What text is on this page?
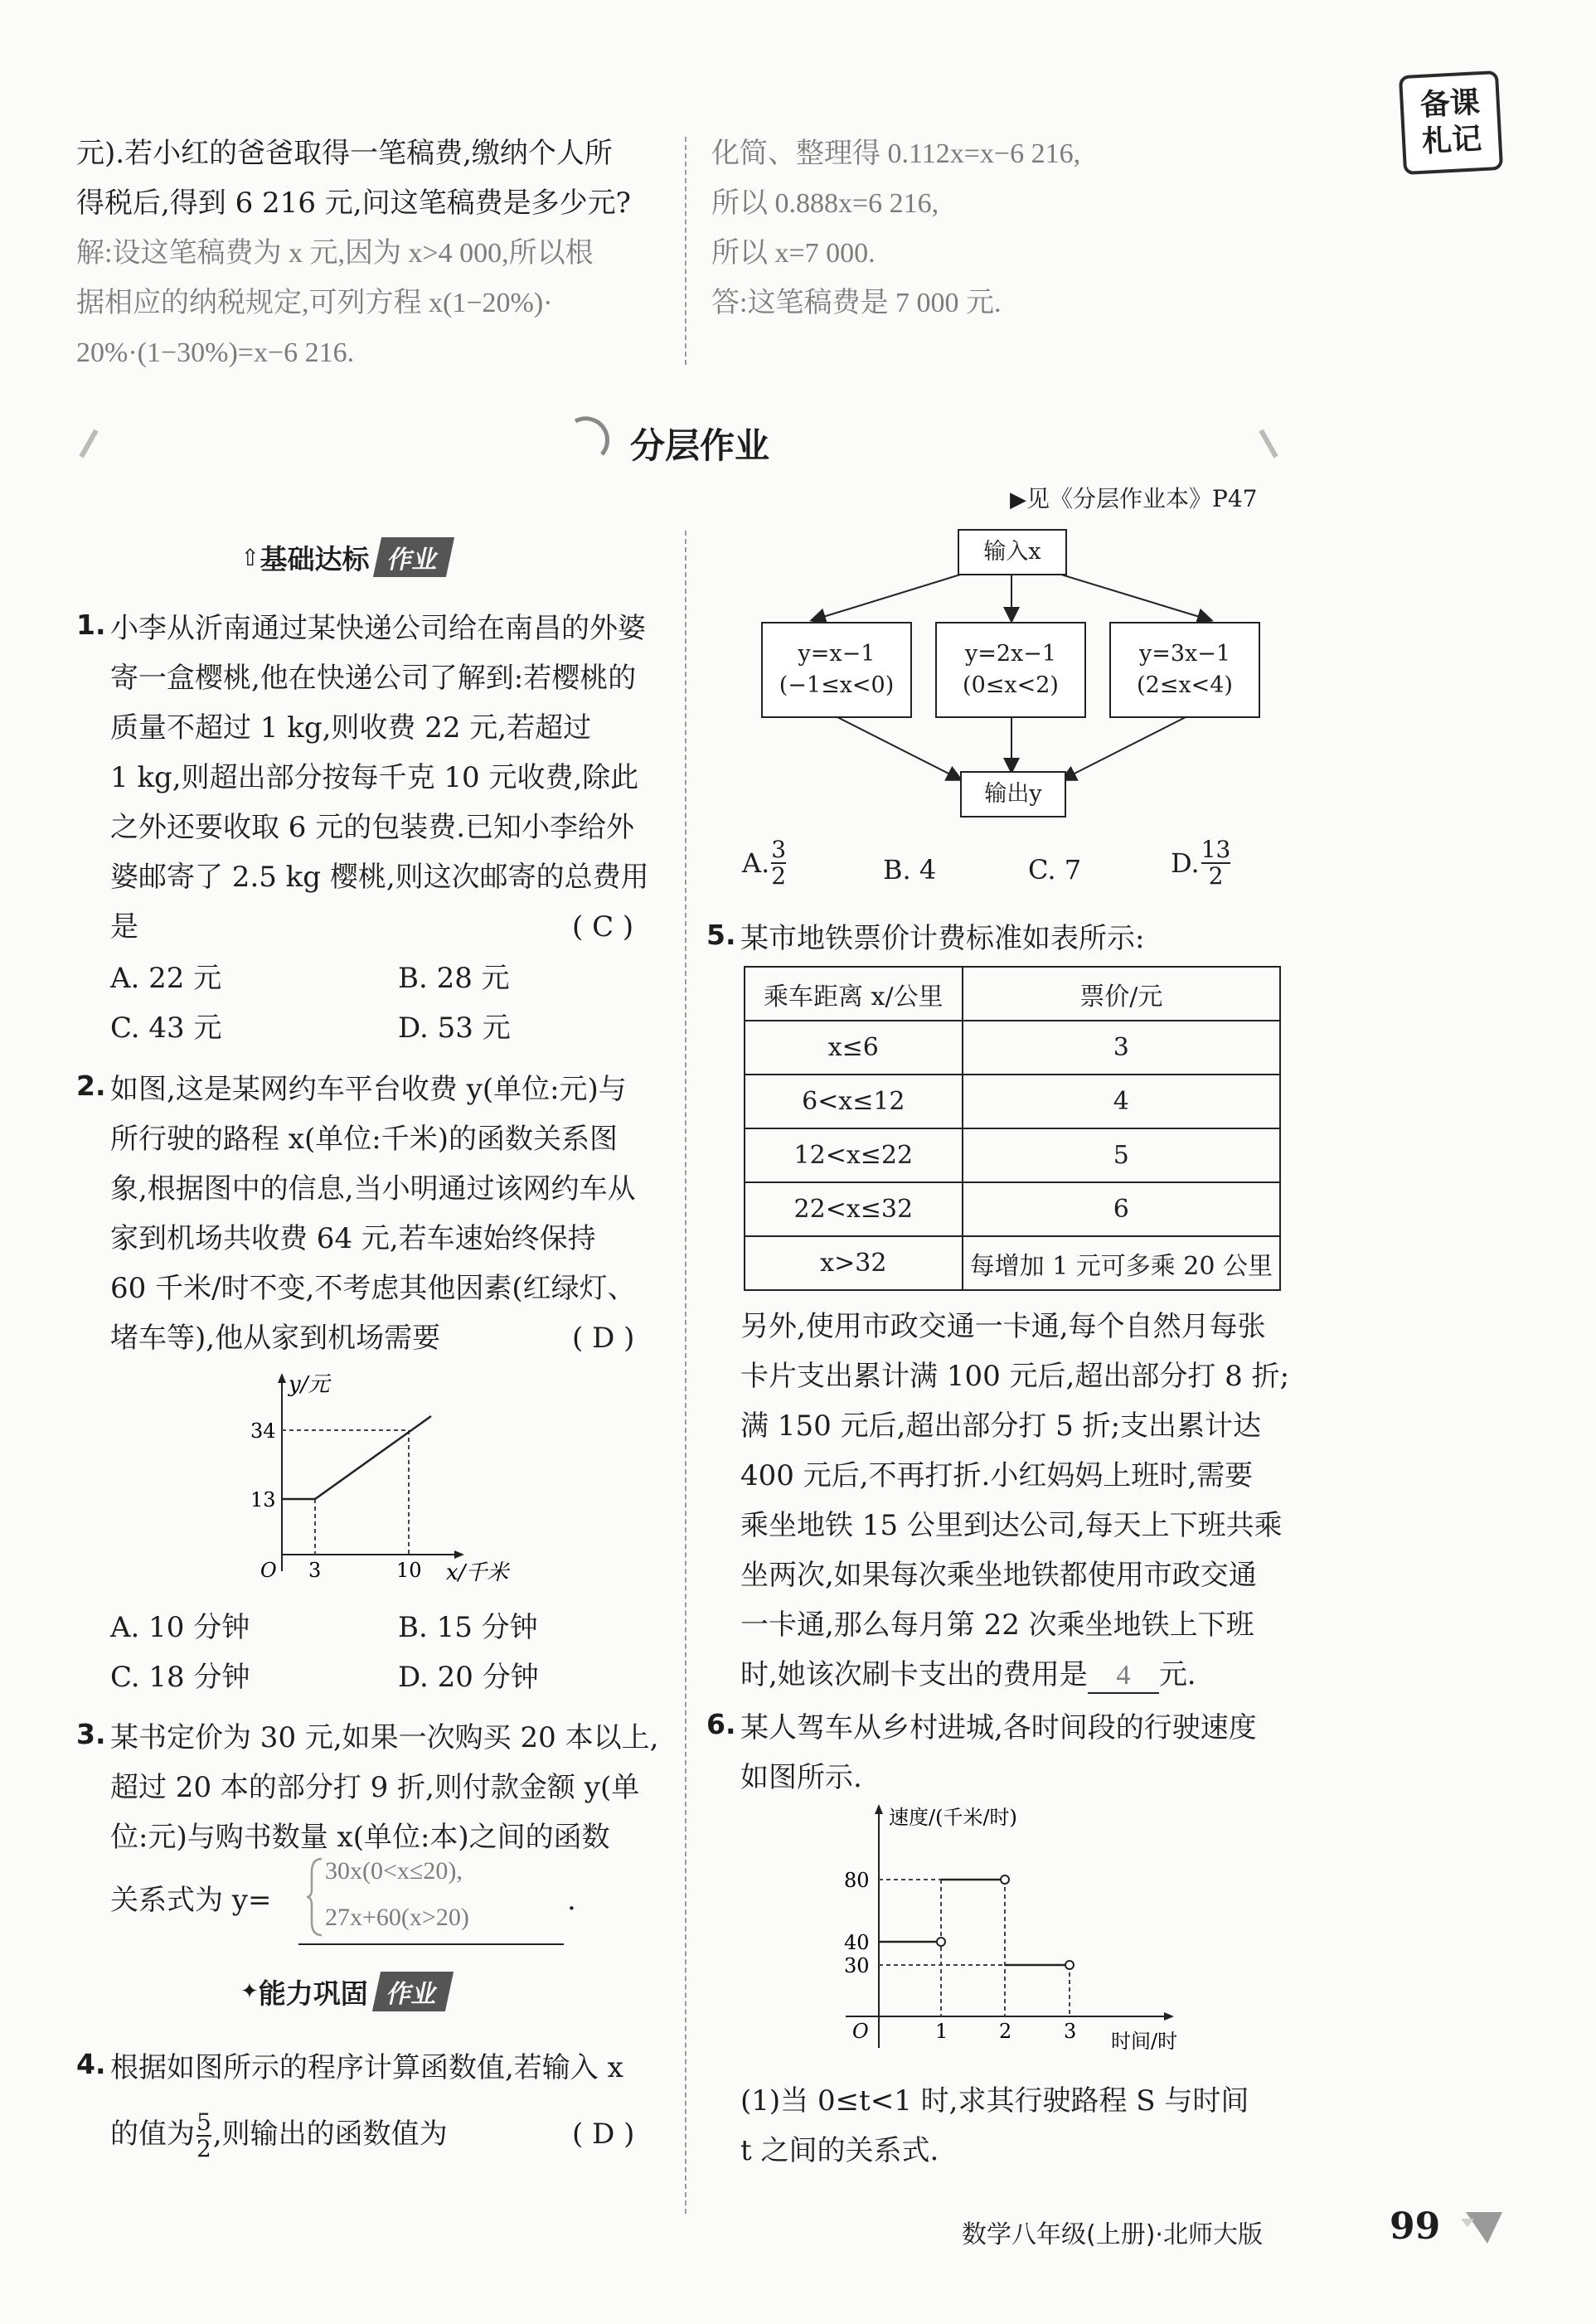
备课
札记
元).若小红的爸爸取得一笔稿费,缴纳个人所
得税后,得到 6 216 元,问这笔稿费是多少元?
解:设这笔稿费为 x 元,因为 x>4 000,所以根
据相应的纳税规定,可列方程 x(1−20%)·
20%·(1−30%)=x−6 216.
化简、整理得 0.112x=x−6 216,
所以 0.888x=6 216,
所以 x=7 000.
答:这笔稿费是 7 000 元.
分层作业
▶见《分层作业本》P47
⇧ 基础达标 作业
1. 小李从沂南通过某快递公司给在南昌的外婆
寄一盒樱桃,他在快递公司了解到:若樱桃的
质量不超过 1 kg,则收费 22 元,若超过
1 kg,则超出部分按每千克 10 元收费,除此
之外还要收取 6 元的包装费.已知小李给外
婆邮寄了 2.5 kg 樱桃,则这次邮寄的总费用
是	( C )
A. 22 元	B. 28 元
C. 43 元	D. 53 元
2. 如图,这是某网约车平台收费 y(单位:元)与
所行驶的路程 x(单位:千米)的函数关系图
象,根据图中的信息,当小明通过该网约车从
家到机场共收费 64 元,若车速始终保持
60 千米/时不变,不考虑其他因素(红绿灯、
堵车等),他从家到机场需要	( D )
y/元
34
13
O 3	10 x/千米
A. 10 分钟	B. 15 分钟
C. 18 分钟	D. 20 分钟
3. 某书定价为 30 元,如果一次购买 20 本以上,
超过 20 本的部分打 9 折,则付款金额 y(单
位:元)与购书数量 x(单位:本)之间的函数
关系式为 y=
30x(0<x≤20),
27x+60(x>20)
.
✦ 能力巩固 作业
4. 根据如图所示的程序计算函数值,若输入 x
的值为 $\frac{5}{2}$ ,则输出的函数值为	( D )
输入x
y=x−1
(−1≤x<0)
y=2x−1
(0≤x<2)
y=3x−1
(2≤x<4)
输出y
A. $\frac{3}{2}$	B. 4	C. 7	D. $\frac{13}{2}$
5. 某市地铁票价计费标准如表所示:
乘车距离 x/公里	票价/元
x≤6	3
6<x≤12	4
12<x≤22	5
22<x≤32	6
x>32	每增加 1 元可多乘 20 公里
另外,使用市政交通一卡通,每个自然月每张
卡片支出累计满 100 元后,超出部分打 8 折;
满 150 元后,超出部分打 5 折;支出累计达
400 元后,不再打折.小红妈妈上班时,需要
乘坐地铁 15 公里到达公司,每天上下班共乘
坐两次,如果每次乘坐地铁都使用市政交通
一卡通,那么每月第 22 次乘坐地铁上下班
时,她该次刷卡支出的费用是 4 元.
6. 某人驾车从乡村进城,各时间段的行驶速度
如图所示.
速度/(千米/时)
80
40
30
O	1	2	3 时间/时
(1)当 0≤t<1 时,求其行驶路程 S 与时间
t 之间的关系式.
数学八年级(上册)·北师大版	99
